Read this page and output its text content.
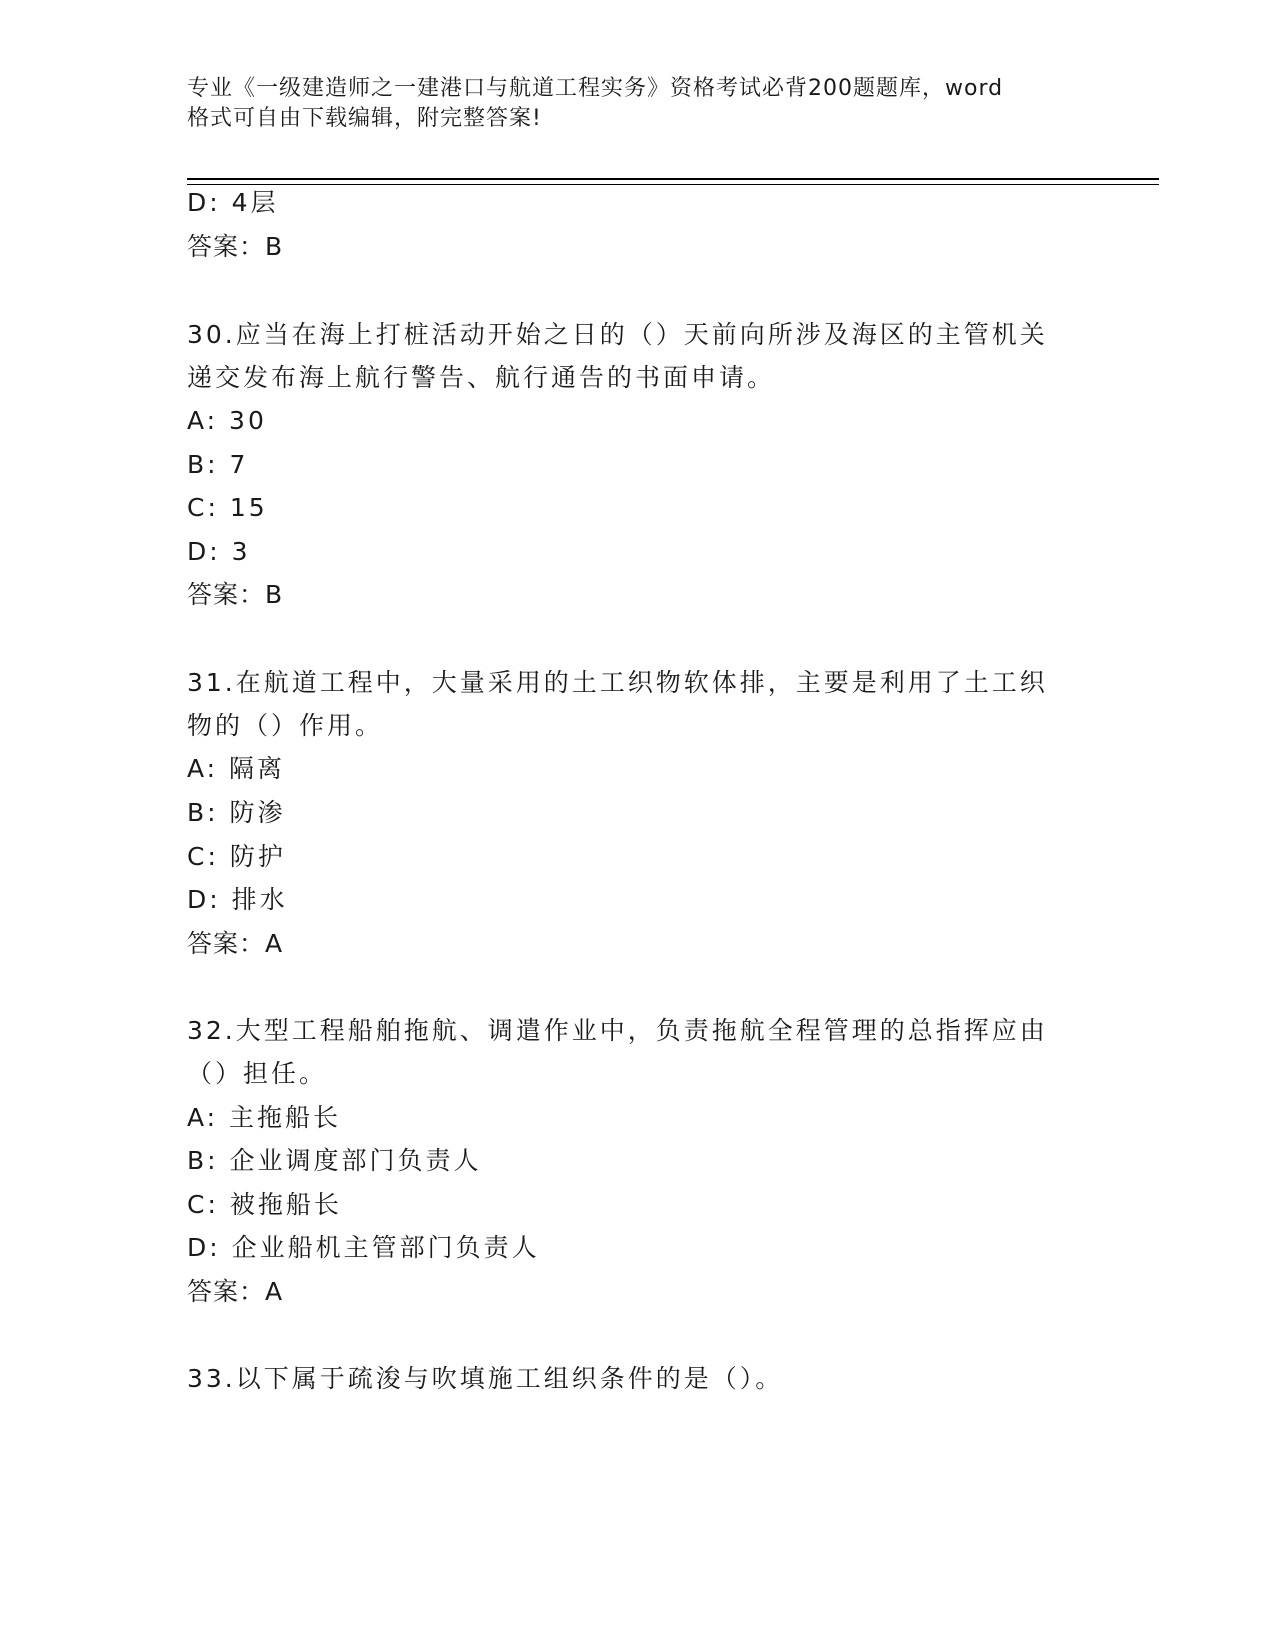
专业《一级建造师之一建港口与航道工程实务》资格考试必背200题题库，word
格式可自由下载编辑，附完整答案!
D: 4层
答案：B
30.应当在海上打桩活动开始之日的（）天前向所涉及海区的主管机关
递交发布海上航行警告、航行通告的书面申请。
A: 30
B: 7
C: 15
D: 3
答案：B
31.在航道工程中，大量采用的土工织物软体排，主要是利用了土工织
物的（）作用。
A: 隔离
B: 防渗
C: 防护
D: 排水
答案：A
32.大型工程船舶拖航、调遣作业中，负责拖航全程管理的总指挥应由
（）担任。
A: 主拖船长
B: 企业调度部门负责人
C: 被拖船长
D: 企业船机主管部门负责人
答案：A
33.以下属于疏浚与吹填施工组织条件的是（）。
